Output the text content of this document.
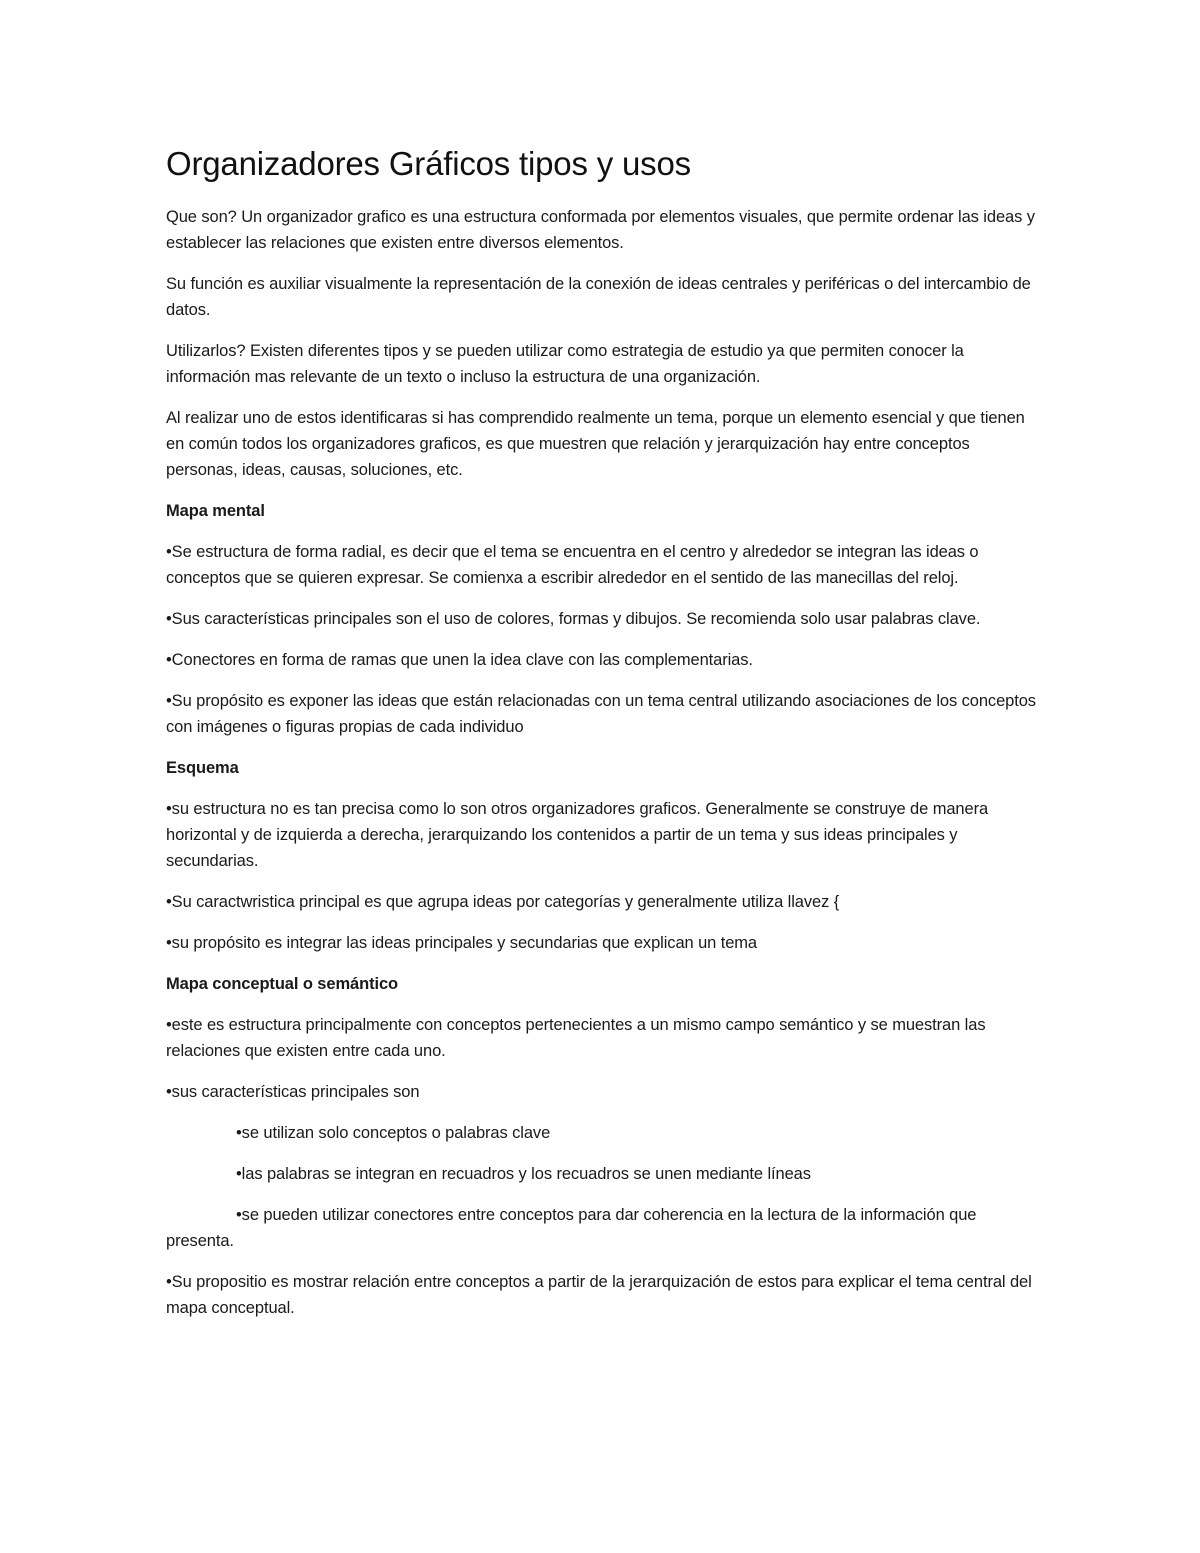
Organizadores Gráficos tipos y usos

Que son? Un organizador grafico es una estructura conformada por elementos visuales, que permite ordenar las ideas y establecer las relaciones que existen entre diversos elementos.

Su función es auxiliar visualmente la representación de la conexión de ideas centrales y periféricas o del intercambio de datos.

Utilizarlos? Existen diferentes tipos y se pueden utilizar como estrategia de estudio ya que permiten conocer la información mas relevante de un texto o incluso la estructura de una organización.

Al realizar uno de estos identificaras si has comprendido realmente un tema, porque un elemento esencial y que tienen en común todos los organizadores graficos, es que muestren que relación y jerarquización hay entre conceptos personas, ideas, causas, soluciones, etc.

Mapa mental

•Se estructura de forma radial, es decir que el tema se encuentra en el centro y alrededor se integran las ideas o conceptos que se quieren expresar. Se comienxa a escribir alrededor en el sentido de las manecillas del reloj.

•Sus características principales son el uso de colores, formas y dibujos. Se recomienda solo usar palabras clave.

•Conectores en forma de ramas que unen la idea clave con las complementarias.

•Su propósito es exponer las ideas que están relacionadas con un tema central utilizando asociaciones de los conceptos con imágenes o figuras propias de cada individuo

Esquema

•su estructura no es tan precisa como lo son otros organizadores graficos. Generalmente se construye de manera horizontal y de izquierda a derecha, jerarquizando los contenidos a partir de un tema y sus ideas principales y secundarias.

•Su caractwristica principal es que agrupa ideas por categorías y generalmente utiliza llavez {

•su propósito es integrar las ideas principales y secundarias que explican un tema

Mapa conceptual o semántico

•este es estructura principalmente con conceptos pertenecientes a un mismo campo semántico y se muestran las relaciones que existen entre cada uno.

•sus características principales son

•se utilizan solo conceptos o palabras clave

•las palabras se integran en recuadros y los recuadros se unen mediante líneas

•se pueden utilizar conectores entre conceptos para dar coherencia en la lectura de la información que presenta.

•Su propositio es mostrar relación entre conceptos a partir de la jerarquización de estos para explicar el tema central del mapa conceptual.
